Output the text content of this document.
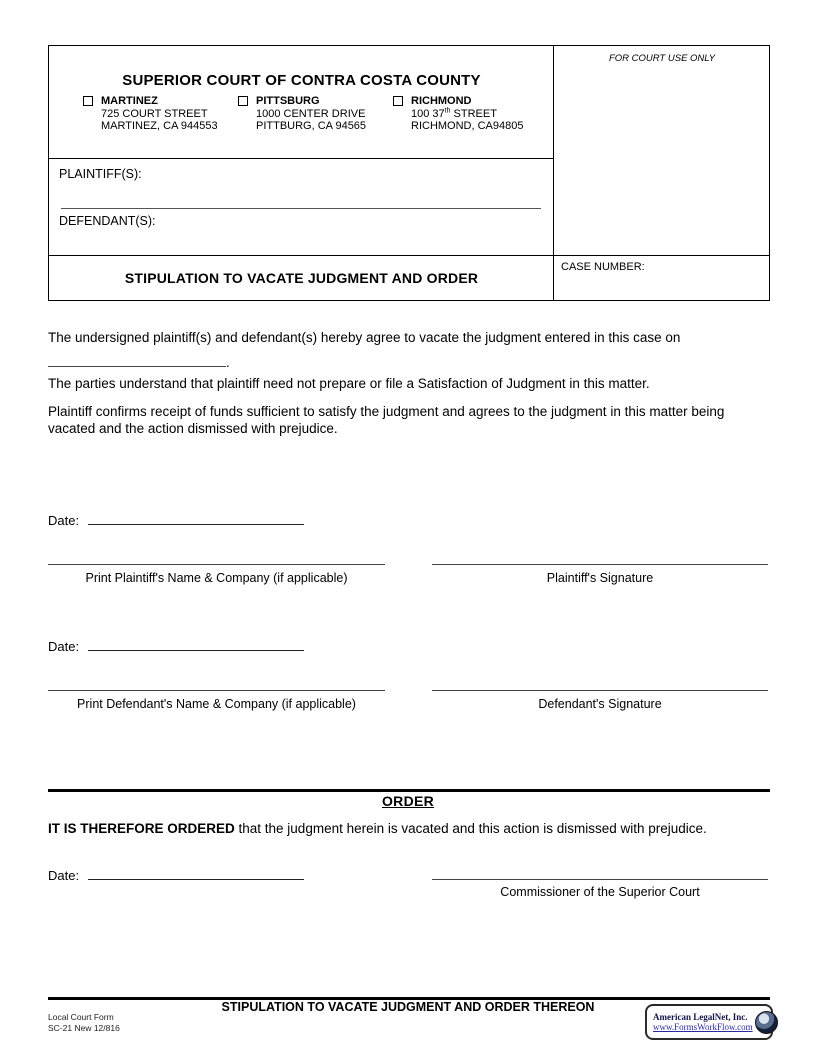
SUPERIOR COURT OF CONTRA COSTA COUNTY
MARTINEZ
725 COURT STREET
MARTINEZ, CA 944553
PITTSBURG
1000 CENTER DRIVE
PITTBURG, CA 94565
RICHMOND
100 37th STREET
RICHMOND, CA94805
PLAINTIFF(S):
DEFENDANT(S):
STIPULATION TO VACATE JUDGMENT AND ORDER
FOR COURT USE ONLY
CASE NUMBER:
The undersigned plaintiff(s) and defendant(s) hereby agree to vacate the judgment entered in this case on
.
The parties understand that plaintiff need not prepare or file a Satisfaction of Judgment in this matter.
Plaintiff confirms receipt of funds sufficient to satisfy the judgment and agrees to the judgment in this matter being vacated and the action dismissed with prejudice.
Date:
Print Plaintiff's Name & Company (if applicable)	Plaintiff's Signature
Date:
Print Defendant's Name & Company (if applicable)	Defendant's Signature
ORDER
IT IS THEREFORE ORDERED that the judgment herein is vacated and this action is dismissed with prejudice.
Date:
Commissioner of the Superior Court
STIPULATION TO VACATE JUDGMENT AND ORDER THEREON
Local Court Form
SC-21 New 12/816
American LegalNet, Inc.
www.FormsWorkFlow.com
